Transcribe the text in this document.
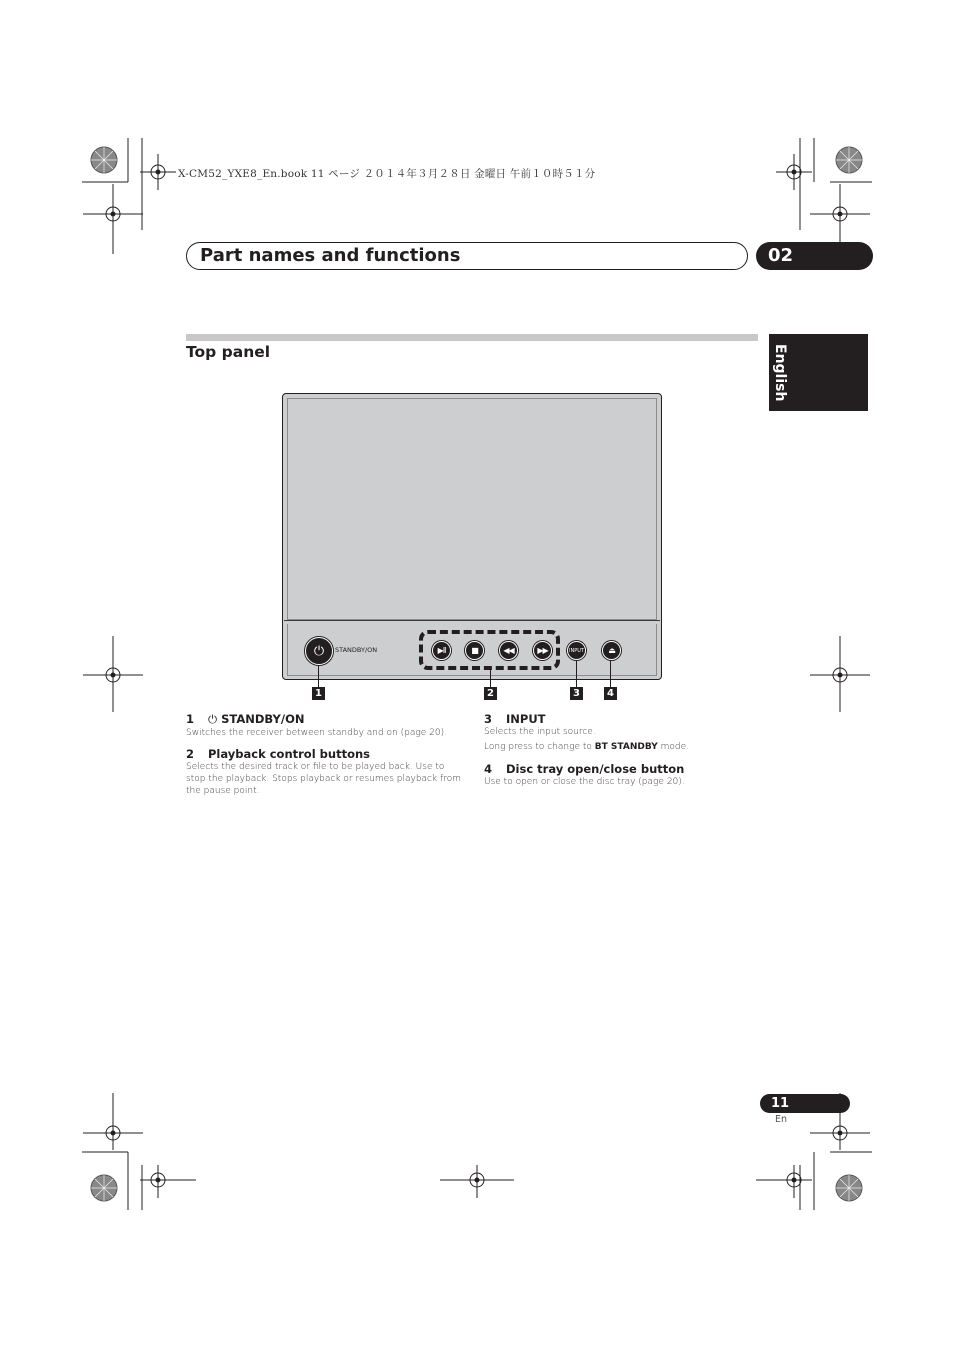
X-CM52_YXE8_En.book 11 ページ ２０１４年３月２８日 金曜日 午前１０時５１分
Part names and functions	02
English
Top panel
⏻	STANDBY/ON	▶II	■	◀◀	▶▶	INPUT	⏏
1	2	3	4
1 ⏻ STANDBY/ON
Switches the receiver between standby and on (page 20).
2 Playback control buttons
Selects the desired track or file to be played back. Use to stop the playback. Stops playback or resumes playback from the pause point.
3 INPUT
Selects the input source.
Long press to change to BT STANDBY mode.
4 Disc tray open/close button
Use to open or close the disc tray (page 20).
11
En
